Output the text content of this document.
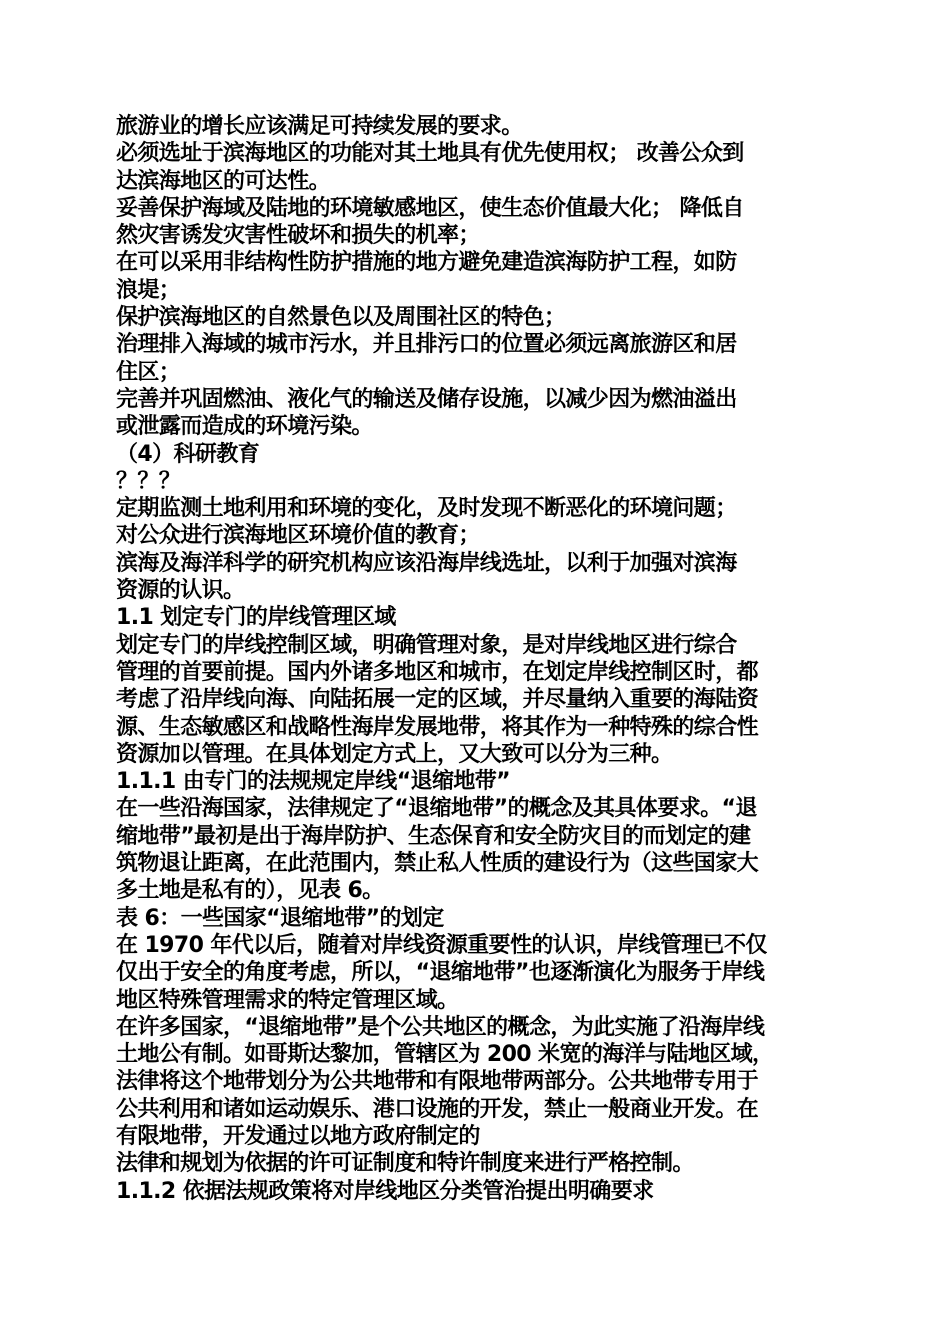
旅游业的增长应该满足可持续发展的要求。

必须选址于滨海地区的功能对其土地具有优先使用权； 改善公众到

达滨海地区的可达性。

妥善保护海域及陆地的环境敏感地区，使生态价值最大化； 降低自

然灾害诱发灾害性破坏和损失的机率；

在可以采用非结构性防护措施的地方避免建造滨海防护工程，如防

浪堤；

保护滨海地区的自然景色以及周围社区的特色；

治理排入海域的城市污水，并且排污口的位置必须远离旅游区和居

住区；

完善并巩固燃油、液化气的输送及储存设施，以减少因为燃油溢出

或泄露而造成的环境污染。

（4）科研教育

？？？

定期监测土地利用和环境的变化，及时发现不断恶化的环境问题；

对公众进行滨海地区环境价值的教育；

滨海及海洋科学的研究机构应该沿海岸线选址，以利于加强对滨海

资源的认识。

1.1 划定专门的岸线管理区域

划定专门的岸线控制区域，明确管理对象，是对岸线地区进行综合

管理的首要前提。国内外诸多地区和城市，在划定岸线控制区时，都

考虑了沿岸线向海、向陆拓展一定的区域，并尽量纳入重要的海陆资

源、生态敏感区和战略性海岸发展地带，将其作为一种特殊的综合性

资源加以管理。在具体划定方式上，又大致可以分为三种。

1.1.1 由专门的法规规定岸线“退缩地带”

在一些沿海国家，法律规定了“退缩地带”的概念及其具体要求。“退

缩地带”最初是出于海岸防护、生态保育和安全防灾目的而划定的建

筑物退让距离，在此范围内，禁止私人性质的建设行为（这些国家大

多土地是私有的），见表 6。

表 6：一些国家“退缩地带”的划定

在 1970 年代以后，随着对岸线资源重要性的认识，岸线管理已不仅

仅出于安全的角度考虑，所以，“退缩地带”也逐渐演化为服务于岸线

地区特殊管理需求的特定管理区域。

在许多国家，“退缩地带”是个公共地区的概念，为此实施了沿海岸线

土地公有制。如哥斯达黎加，管辖区为 200 米宽的海洋与陆地区域，

法律将这个地带划分为公共地带和有限地带两部分。公共地带专用于

公共利用和诸如运动娱乐、港口设施的开发，禁止一般商业开发。在

有限地带，开发通过以地方政府制定的

法律和规划为依据的许可证制度和特许制度来进行严格控制。

1.1.2 依据法规政策将对岸线地区分类管治提出明确要求
